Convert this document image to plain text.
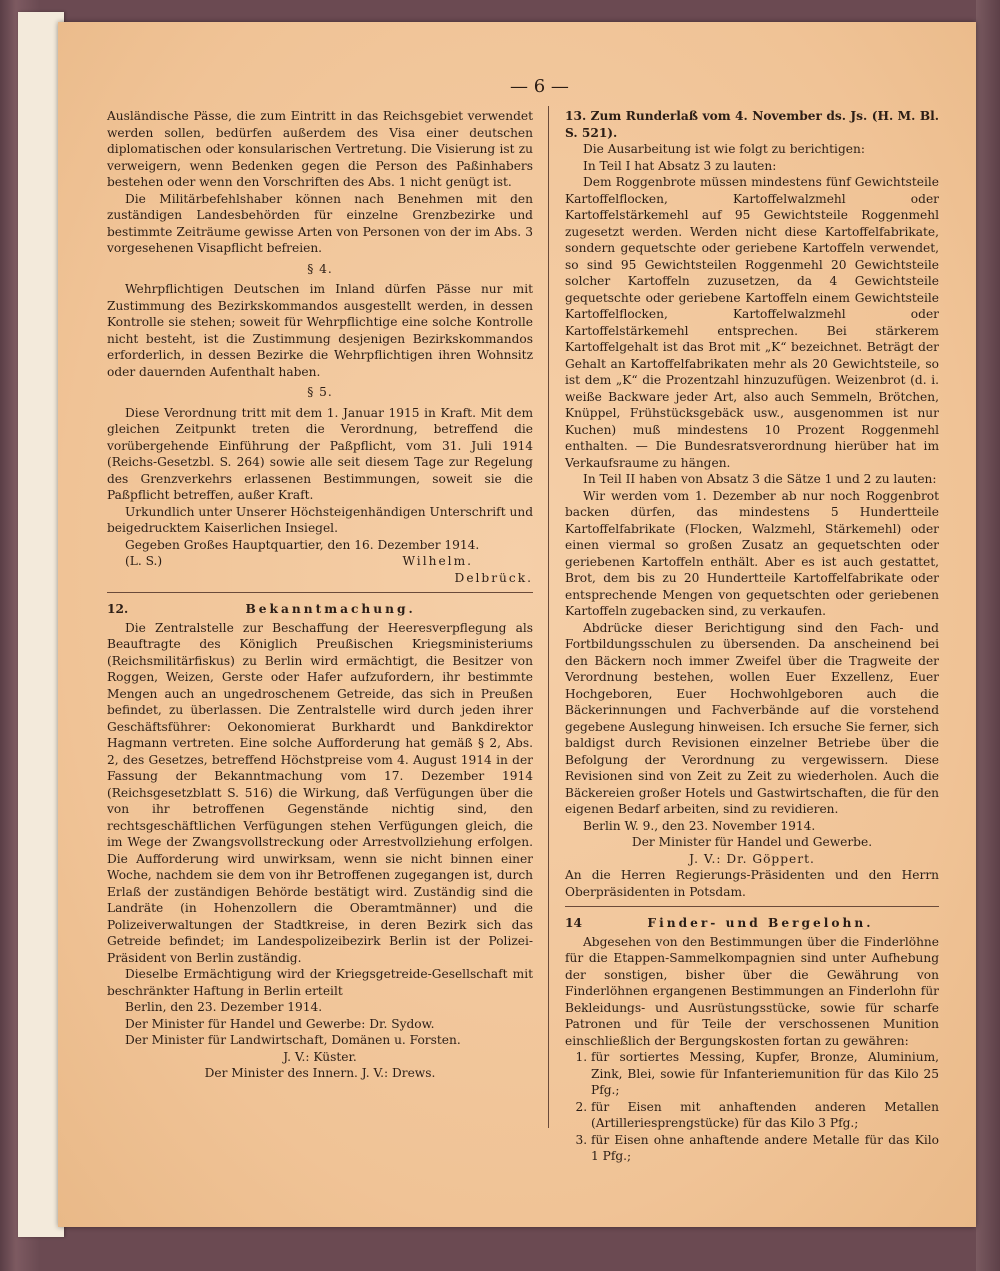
— 6 —

Ausländische Pässe, die zum Eintritt in das Reichsgebiet verwendet werden sollen, bedürfen außerdem des Visa einer deutschen diplomatischen oder konsularischen Vertretung. Die Visierung ist zu verweigern, wenn Bedenken gegen die Person des Paßinhabers bestehen oder wenn den Vorschriften des Abs. 1 nicht genügt ist.

Die Militärbefehlshaber können nach Benehmen mit den zuständigen Landesbehörden für einzelne Grenzbezirke und bestimmte Zeiträume gewisse Arten von Personen von der im Abs. 3 vorgesehenen Visapflicht befreien.

§ 4.

Wehrpflichtigen Deutschen im Inland dürfen Pässe nur mit Zustimmung des Bezirkskommandos ausgestellt werden, in dessen Kontrolle sie stehen; soweit für Wehrpflichtige eine solche Kontrolle nicht besteht, ist die Zustimmung desjenigen Bezirkskommandos erforderlich, in dessen Bezirke die Wehrpflichtigen ihren Wohnsitz oder dauernden Aufenthalt haben.

§ 5.

Diese Verordnung tritt mit dem 1. Januar 1915 in Kraft. Mit dem gleichen Zeitpunkt treten die Verordnung, betreffend die vorübergehende Einführung der Paßpflicht, vom 31. Juli 1914 (Reichs-Gesetzbl. S. 264) sowie alle seit diesem Tage zur Regelung des Grenzverkehrs erlassenen Bestimmungen, soweit sie die Paßpflicht betreffen, außer Kraft.

Urkundlich unter Unserer Höchsteigenhändigen Unterschrift und beigedrucktem Kaiserlichen Insiegel.

Gegeben Großes Hauptquartier, den 16. Dezember 1914.

(L. S.)	Wilhelm.

Delbrück.

12.	Bekanntmachung.

Die Zentralstelle zur Beschaffung der Heeresverpflegung als Beauftragte des Königlich Preußischen Kriegsministeriums (Reichsmilitärfiskus) zu Berlin wird ermächtigt, die Besitzer von Roggen, Weizen, Gerste oder Hafer aufzufordern, ihr bestimmte Mengen auch an ungedroschenem Getreide, das sich in Preußen befindet, zu überlassen. Die Zentralstelle wird durch jeden ihrer Geschäftsführer: Oekonomierat Burkhardt und Bankdirektor Hagmann vertreten. Eine solche Aufforderung hat gemäß § 2, Abs. 2, des Gesetzes, betreffend Höchstpreise vom 4. August 1914 in der Fassung der Bekanntmachung vom 17. Dezember 1914 (Reichsgesetzblatt S. 516) die Wirkung, daß Verfügungen über die von ihr betroffenen Gegenstände nichtig sind, den rechtsgeschäftlichen Verfügungen stehen Verfügungen gleich, die im Wege der Zwangsvollstreckung oder Arrestvollziehung erfolgen. Die Aufforderung wird unwirksam, wenn sie nicht binnen einer Woche, nachdem sie dem von ihr Betroffenen zugegangen ist, durch Erlaß der zuständigen Behörde bestätigt wird. Zuständig sind die Landräte (in Hohenzollern die Oberamtmänner) und die Polizeiverwaltungen der Stadtkreise, in deren Bezirk sich das Getreide befindet; im Landespolizeibezirk Berlin ist der Polizei-Präsident von Berlin zuständig.

Dieselbe Ermächtigung wird der Kriegsgetreide-Gesellschaft mit beschränkter Haftung in Berlin erteilt

Berlin, den 23. Dezember 1914.

Der Minister für Handel und Gewerbe: Dr. Sydow.

Der Minister für Landwirtschaft, Domänen u. Forsten.

J. V.: Küster.

Der Minister des Innern. J. V.: Drews.

13. Zum Runderlaß vom 4. November ds. Js. (H. M. Bl. S. 521).

Die Ausarbeitung ist wie folgt zu berichtigen:

In Teil I hat Absatz 3 zu lauten:

Dem Roggenbrote müssen mindestens fünf Gewichtsteile Kartoffelflocken, Kartoffelwalzmehl oder Kartoffelstärkemehl auf 95 Gewichtsteile Roggenmehl zugesetzt werden. Werden nicht diese Kartoffelfabrikate, sondern gequetschte oder geriebene Kartoffeln verwendet, so sind 95 Gewichtsteilen Roggenmehl 20 Gewichtsteile solcher Kartoffeln zuzusetzen, da 4 Gewichtsteile gequetschte oder geriebene Kartoffeln einem Gewichtsteile Kartoffelflocken, Kartoffelwalzmehl oder Kartoffelstärkemehl entsprechen. Bei stärkerem Kartoffelgehalt ist das Brot mit „K“ bezeichnet. Beträgt der Gehalt an Kartoffelfabrikaten mehr als 20 Gewichtsteile, so ist dem „K“ die Prozentzahl hinzuzufügen. Weizenbrot (d. i. weiße Backware jeder Art, also auch Semmeln, Brötchen, Knüppel, Frühstücksgebäck usw., ausgenommen ist nur Kuchen) muß mindestens 10 Prozent Roggenmehl enthalten. — Die Bundesratsverordnung hierüber hat im Verkaufsraume zu hängen.

In Teil II haben von Absatz 3 die Sätze 1 und 2 zu lauten:

Wir werden vom 1. Dezember ab nur noch Roggenbrot backen dürfen, das mindestens 5 Hundertteile Kartoffelfabrikate (Flocken, Walzmehl, Stärkemehl) oder einen viermal so großen Zusatz an gequetschten oder geriebenen Kartoffeln enthält. Aber es ist auch gestattet, Brot, dem bis zu 20 Hundertteile Kartoffelfabrikate oder entsprechende Mengen von gequetschten oder geriebenen Kartoffeln zugebacken sind, zu verkaufen.

Abdrücke dieser Berichtigung sind den Fach- und Fortbildungsschulen zu übersenden. Da anscheinend bei den Bäckern noch immer Zweifel über die Tragweite der Verordnung bestehen, wollen Euer Exzellenz, Euer Hochgeboren, Euer Hochwohlgeboren auch die Bäckerinnungen und Fachverbände auf die vorstehend gegebene Auslegung hinweisen. Ich ersuche Sie ferner, sich baldigst durch Revisionen einzelner Betriebe über die Befolgung der Verordnung zu vergewissern. Diese Revisionen sind von Zeit zu Zeit zu wiederholen. Auch die Bäckereien großer Hotels und Gastwirtschaften, die für den eigenen Bedarf arbeiten, sind zu revidieren.

Berlin W. 9., den 23. November 1914.

Der Minister für Handel und Gewerbe.

J. V.: Dr. Göppert.

An die Herren Regierungs-Präsidenten und den Herrn Oberpräsidenten in Potsdam.

14	Finder- und Bergelohn.

Abgesehen von den Bestimmungen über die Finderlöhne für die Etappen-Sammelkompagnien sind unter Aufhebung der sonstigen, bisher über die Gewährung von Finderlöhnen ergangenen Bestimmungen an Finderlohn für Bekleidungs- und Ausrüstungsstücke, sowie für scharfe Patronen und für Teile der verschossenen Munition einschließlich der Bergungskosten fortan zu gewähren:

1. für sortiertes Messing, Kupfer, Bronze, Aluminium, Zink, Blei, sowie für Infanteriemunition für das Kilo 25 Pfg.;
2. für Eisen mit anhaftenden anderen Metallen (Artilleriesprengstücke) für das Kilo 3 Pfg.;
3. für Eisen ohne anhaftende andere Metalle für das Kilo 1 Pfg.;
